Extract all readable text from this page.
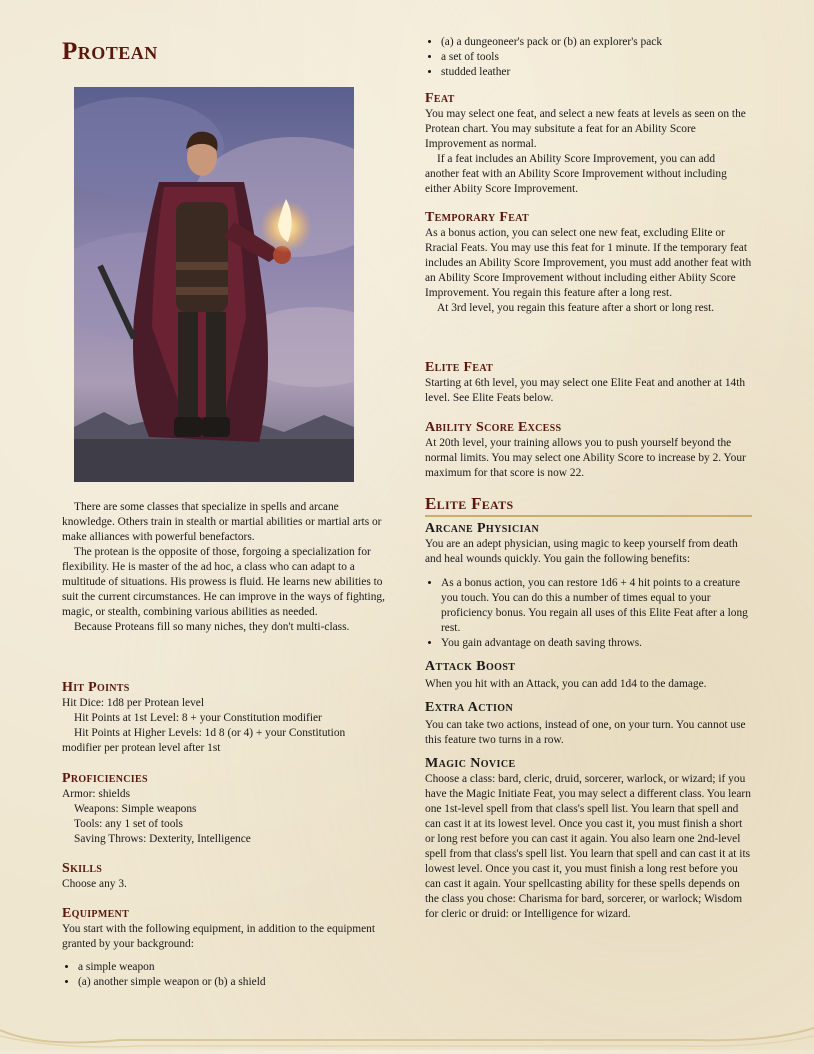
Protean

There are some classes that specialize in spells and arcane knowledge. Others train in stealth or martial abilities or martial arts or make alliances with powerful benefactors.

The protean is the opposite of those, forgoing a specialization for flexibility. He is master of the ad hoc, a class who can adapt to a multitude of situations. His prowess is fluid. He learns new abilities to suit the current circumstances. He can improve in the ways of fighting, magic, or stealth, combining various abilities as needed.

Because Proteans fill so many niches, they don't multi-class.

Hit Points

Hit Dice: 1d8 per Protean level

Hit Points at 1st Level: 8 + your Constitution modifier

Hit Points at Higher Levels: 1d 8 (or 4) + your Constitution modifier per protean level after 1st

Proficiencies

Armor: shields

Weapons: Simple weapons

Tools: any 1 set of tools

Saving Throws: Dexterity, Intelligence

Skills

Choose any 3.

Equipment

You start with the following equipment, in addition to the equipment granted by your background:

• a simple weapon
• (a) another simple weapon or (b) a shield
• (a) a dungeoneer's pack or (b) an explorer's pack
• a set of tools
• studded leather
Feat

You may select one feat, and select a new feats at levels as seen on the Protean chart. You may subsitute a feat for an Ability Score Improvement as normal.

If a feat includes an Ability Score Improvement, you can add another feat with an Ability Score Improvement without including either Abiity Score Improvement.

Temporary Feat

As a bonus action, you can select one new feat, excluding Elite or Rracial Feats. You may use this feat for 1 minute. If the temporary feat includes an Ability Score Improvement, you must add another feat with an Ability Score Improvement without including either Abiity Score Improvement. You regain this feature after a long rest.

At 3rd level, you regain this feature after a short or long rest.

Elite Feat

Starting at 6th level, you may select one Elite Feat and another at 14th level. See Elite Feats below.

Ability Score Excess

At 20th level, your training allows you to push yourself beyond the normal limits. You may select one Ability Score to increase by 2. Your maximum for that score is now 22.

Elite Feats
Arcane Physician

You are an adept physician, using magic to keep yourself from death and heal wounds quickly. You gain the following benefits:

• As a bonus action, you can restore 1d6 + 4 hit points to a creature you touch. You can do this a number of times equal to your proficiency bonus. You regain all uses of this Elite Feat after a long rest.
• You gain advantage on death saving throws.
Attack Boost

When you hit with an Attack, you can add 1d4 to the damage.

Extra Action

You can take two actions, instead of one, on your turn. You cannot use this feature two turns in a row.

Magic Novice

Choose a class: bard, cleric, druid, sorcerer, warlock, or wizard; if you have the Magic Initiate Feat, you may select a different class. You learn one 1st-level spell from that class's spell list. You learn that spell and can cast it at its lowest level. Once you cast it, you must finish a short or long rest before you can cast it again. You also learn one 2nd-level spell from that class's spell list. You learn that spell and can cast it at its lowest level. Once you cast it, you must finish a long rest before you can cast it again. Your spellcasting ability for these spells depends on the class you chose: Charisma for bard, sorcerer, or warlock; Wisdom for cleric or druid: or Intelligence for wizard.
